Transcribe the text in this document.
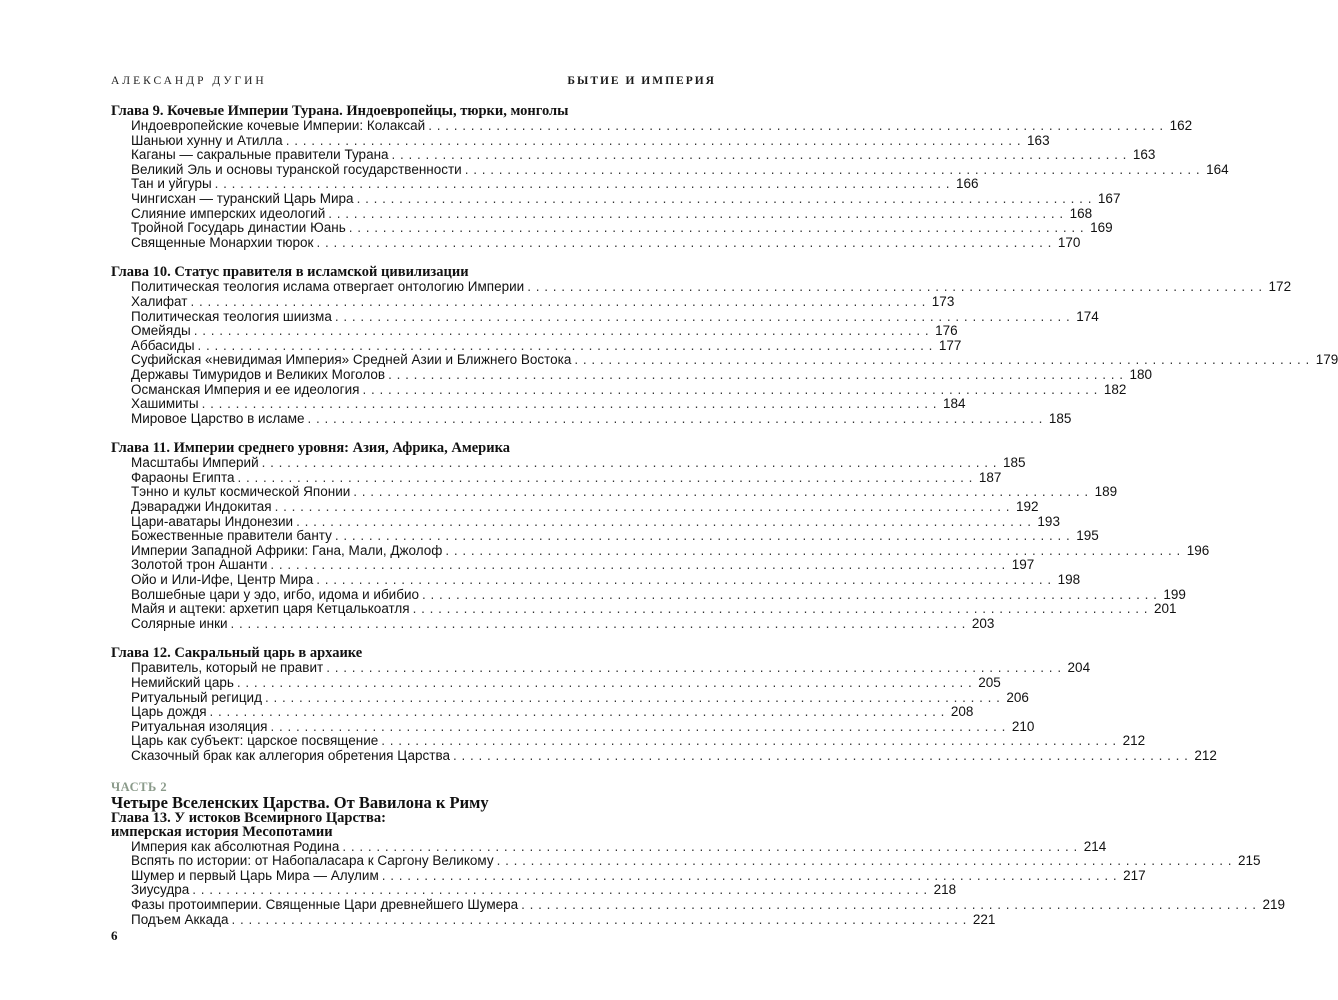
АЛЕКСАНДР ДУГИН	БЫТИЕ И ИМПЕРИЯ
Глава 9. Кочевые Империи Турана. Индоевропейцы, тюрки, монголы
Индоевропейские кочевые Империи: Колаксай . . .	162
Шаньюи хунну и Атилла . . .	163
Каганы — сакральные правители Турана . . .	163
Великий Эль и основы туранской государственности . . .	164
Тан и уйгуры . . .	166
Чингисхан — туранский Царь Мира . . .	167
Слияние имперских идеологий . . .	168
Тройной Государь династии Юань . . .	169
Священные Монархии тюрок . . .	170
Глава 10. Статус правителя в исламской цивилизации
Политическая теология ислама отвергает онтологию Империи . . .	172
Халифат . . .	173
Политическая теология шиизма . . .	174
Омейяды . . .	176
Аббасиды . . .	177
Суфийская «невидимая Империя» Средней Азии и Ближнего Востока . . .	179
Державы Тимуридов и Великих Моголов . . .	180
Османская Империя и ее идеология . . .	182
Хашимиты . . .	184
Мировое Царство в исламе . . .	185
Глава 11. Империи среднего уровня: Азия, Африка, Америка
Масштабы Империй . . .	185
Фараоны Египта . . .	187
Тэнно и культ космической Японии . . .	189
Дэвараджи Индокитая . . .	192
Цари-аватары Индонезии . . .	193
Божественные правители банту . . .	195
Империи Западной Африки: Гана, Мали, Джолоф . . .	196
Золотой трон Ашанти . . .	197
Ойо и Или-Ифе, Центр Мира . . .	198
Волшебные цари у эдо, игбо, идома и ибибио . . .	199
Майя и ацтеки: архетип царя Кетцалькоатля . . .	201
Солярные инки . . .	203
Глава 12. Сакральный царь в архаике
Правитель, который не правит . . .	204
Немийский царь . . .	205
Ритуальный регицид . . .	206
Царь дождя . . .	208
Ритуальная изоляция . . .	210
Царь как субъект: царское посвящение . . .	212
Сказочный брак как аллегория обретения Царства . . .	212
ЧАСТЬ 2
Четыре Вселенских Царства. От Вавилона к Риму
Глава 13. У истоков Всемирного Царства:
имперская история Месопотамии
Империя как абсолютная Родина . . .	214
Вспять по истории: от Набопаласара к Саргону Великому . . .	215
Шумер и первый Царь Мира — Алулим . . .	217
Зиусудра . . .	218
Фазы протоимперии. Священные Цари древнейшего Шумера . . .	219
Подъем Аккада . . .	221
6
